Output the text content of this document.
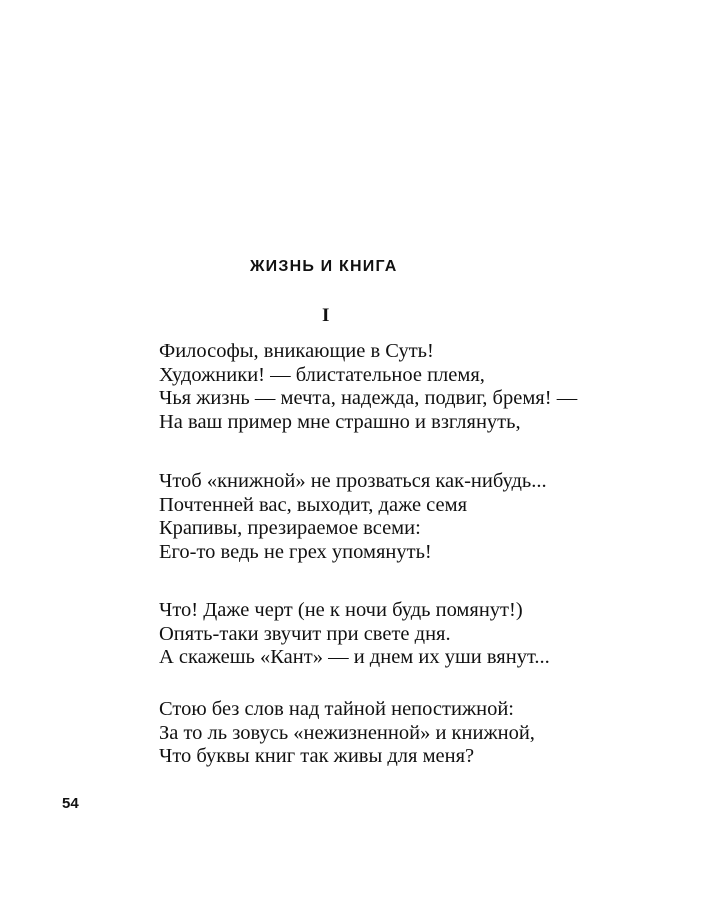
ЖИЗНЬ И КНИГА
I
Философы, вникающие в Суть!
Художники! — блистательное племя,
Чья жизнь — мечта, надежда, подвиг, бремя! —
На ваш пример мне страшно и взглянуть,
Чтоб «книжной» не прозваться как-нибудь...
Почтенней вас, выходит, даже семя
Крапивы, презираемое всеми:
Его-то ведь не грех упомянуть!
Что! Даже черт (не к ночи будь помянут!)
Опять-таки звучит при свете дня.
А скажешь «Кант» — и днем их уши вянут...
Стою без слов над тайной непостижной:
За то ль зовусь «нежизненной» и книжной,
Что буквы книг так живы для меня?
54
